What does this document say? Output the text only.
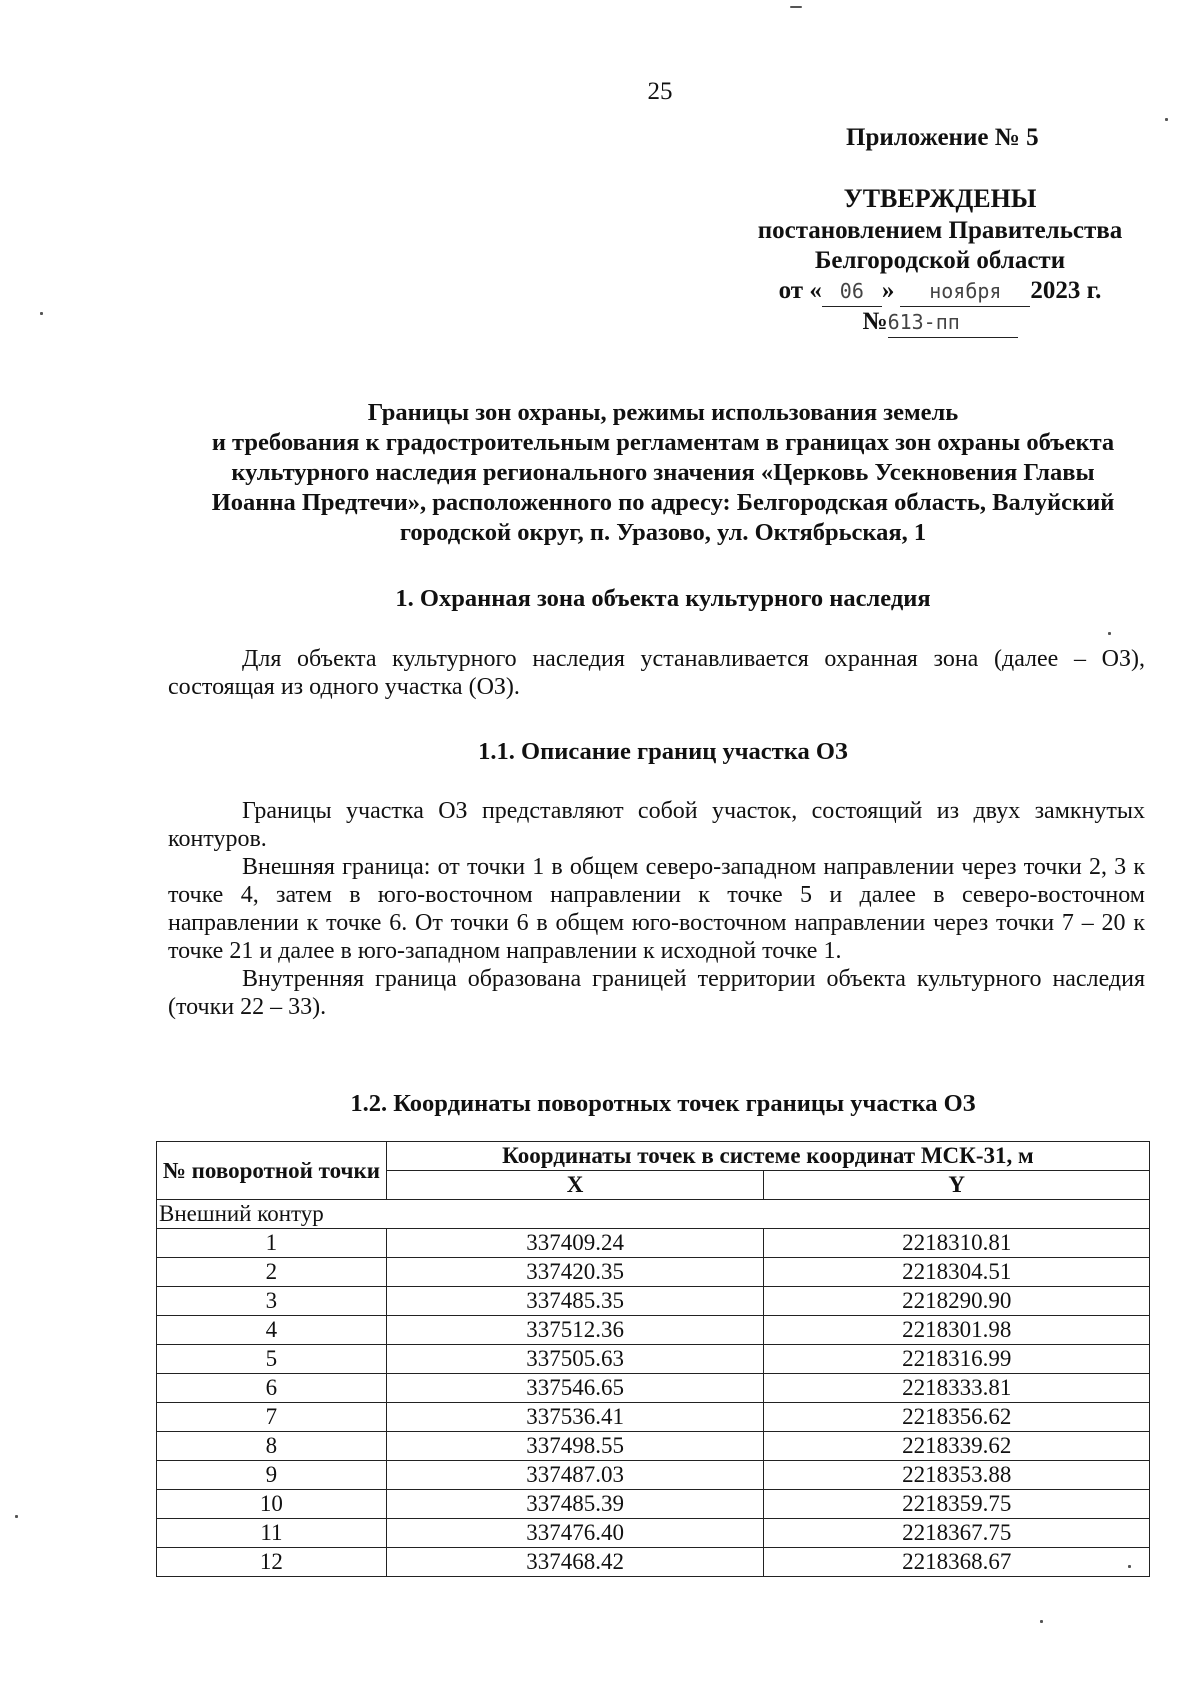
25
Приложение № 5
УТВЕРЖДЕНЫ
постановлением Правительства
Белгородской области
от « 06 » ноября 2023 г.
№613-пп
Границы зон охраны, режимы использования земель
и требования к градостроительным регламентам в границах зон охраны объекта
культурного наследия регионального значения «Церковь Усекновения Главы
Иоанна Предтечи», расположенного по адресу: Белгородская область, Валуйский
городской округ, п. Уразово, ул. Октябрьская, 1
1. Охранная зона объекта культурного наследия

Для объекта культурного наследия устанавливается охранная зона (далее – ОЗ), состоящая из одного участка (ОЗ).

1.1. Описание границ участка ОЗ

Границы участка ОЗ представляют собой участок, состоящий из двух замкнутых контуров.

Внешняя граница: от точки 1 в общем северо-западном направлении через точки 2, 3 к точке 4, затем в юго-восточном направлении к точке 5 и далее в северо-восточном направлении к точке 6. От точки 6 в общем юго-восточном направлении через точки 7 – 20 к точке 21 и далее в юго-западном направлении к исходной точке 1.

Внутренняя граница образована границей территории объекта культурного наследия (точки 22 – 33).

1.2. Координаты поворотных точек границы участка ОЗ
№ поворотной точки	Координаты точек в системе координат МСК-31, м	
	X	Y
Внешний контур		
1	337409.24	2218310.81
2	337420.35	2218304.51
3	337485.35	2218290.90
4	337512.36	2218301.98
5	337505.63	2218316.99
6	337546.65	2218333.81
7	337536.41	2218356.62
8	337498.55	2218339.62
9	337487.03	2218353.88
10	337485.39	2218359.75
11	337476.40	2218367.75
12	337468.42	2218368.67
